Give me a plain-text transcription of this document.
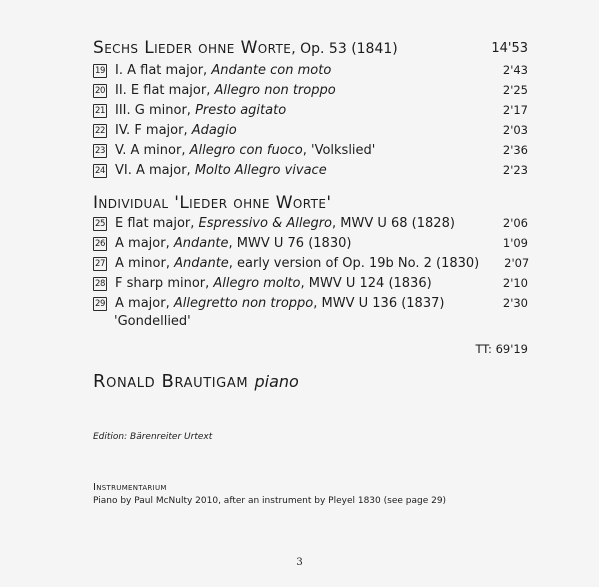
Sechs Lieder ohne Worte, Op. 53 (1841)	14'53
19 I. A flat major, Andante con moto	2'43
20 II. E flat major, Allegro non troppo	2'25
21 III. G minor, Presto agitato	2'17
22 IV. F major, Adagio	2'03
23 V. A minor, Allegro con fuoco, 'Volkslied'	2'36
24 VI. A major, Molto Allegro vivace	2'23
Individual 'Lieder ohne Worte'
25 E flat major, Espressivo & Allegro, MWV U 68 (1828)	2'06
26 A major, Andante, MWV U 76 (1830)	1'09
27 A minor, Andante, early version of Op. 19b No. 2 (1830)	2'07
28 F sharp minor, Allegro molto, MWV U 124 (1836)	2'10
29 A major, Allegretto non troppo, MWV U 136 (1837)	2'30
'Gondellied'
TT: 69'19
Ronald Brautigam piano
Edition: Bärenreiter Urtext
Instrumentarium
Piano by Paul McNulty 2010, after an instrument by Pleyel 1830 (see page 29)
3
